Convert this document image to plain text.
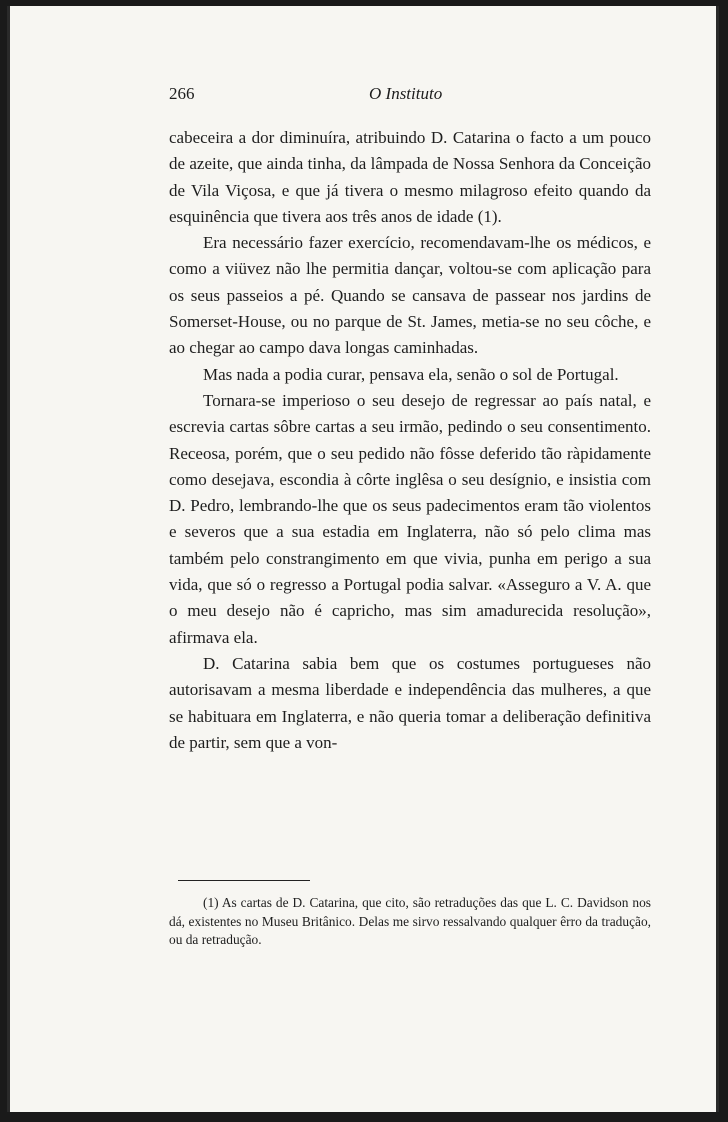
266	O Instituto

cabeceira a dor diminuíra, atribuindo D. Catarina o facto a um pouco de azeite, que ainda tinha, da lâmpada de Nossa Senhora da Conceição de Vila Viçosa, e que já tivera o mesmo milagroso efeito quando da esquinência que tivera aos três anos de idade (1).

Era necessário fazer exercício, recomendavam-lhe os médicos, e como a viüvez não lhe permitia dançar, voltou-se com aplicação para os seus passeios a pé. Quando se cansava de passear nos jardins de Somerset-House, ou no parque de St. James, metia-se no seu côche, e ao chegar ao campo dava longas caminhadas.

Mas nada a podia curar, pensava ela, senão o sol de Portugal.

Tornara-se imperioso o seu desejo de regressar ao país natal, e escrevia cartas sôbre cartas a seu irmão, pedindo o seu consentimento. Receosa, porém, que o seu pedido não fôsse deferido tão ràpidamente como desejava, escondia à côrte inglêsa o seu desígnio, e insistia com D. Pedro, lembrando-lhe que os seus padecimentos eram tão violentos e severos que a sua estadia em Inglaterra, não só pelo clima mas também pelo constrangimento em que vivia, punha em perigo a sua vida, que só o regresso a Portugal podia salvar. «Asseguro a V. A. que o meu desejo não é capricho, mas sim amadurecida resolução», afirmava ela.

D. Catarina sabia bem que os costumes portugueses não autorisavam a mesma liberdade e independência das mulheres, a que se habituara em Inglaterra, e não queria tomar a deliberação definitiva de partir, sem que a von-

(1) As cartas de D. Catarina, que cito, são retraduções das que L. C. Davidson nos dá, existentes no Museu Britânico. Delas me sirvo ressalvando qualquer êrro da tradução, ou da retradução.
